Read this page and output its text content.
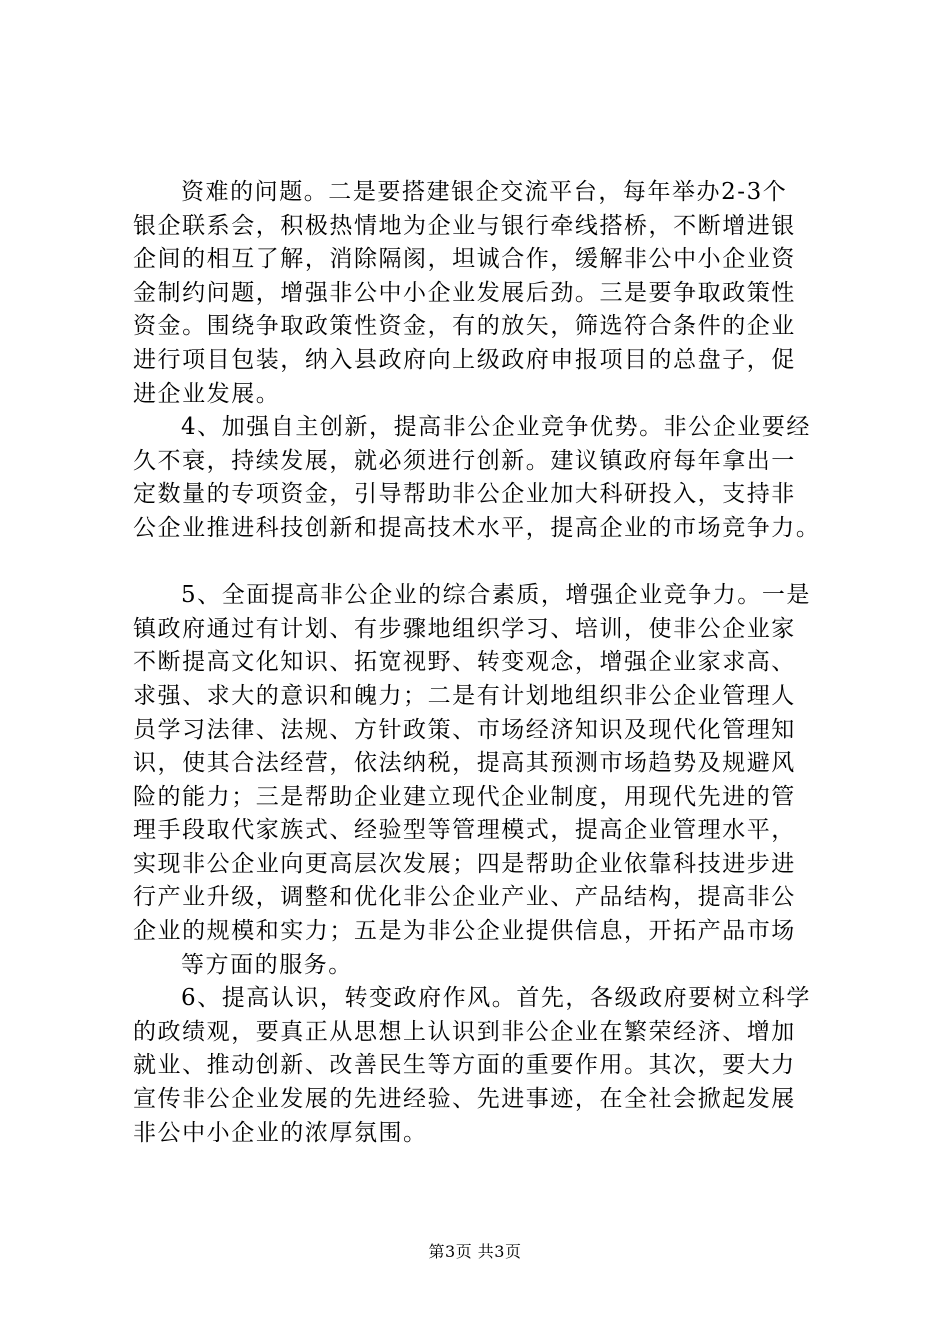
资难的问题。二是要搭建银企交流平台，每年举办2-3个
银企联系会，积极热情地为企业与银行牵线搭桥，不断增进银
企间的相互了解，消除隔阂，坦诚合作，缓解非公中小企业资
金制约问题，增强非公中小企业发展后劲。三是要争取政策性
资金。围绕争取政策性资金，有的放矢，筛选符合条件的企业
进行项目包装，纳入县政府向上级政府申报项目的总盘子，促
进企业发展。
4、加强自主创新，提高非公企业竞争优势。非公企业要经
久不衰，持续发展，就必须进行创新。建议镇政府每年拿出一
定数量的专项资金，引导帮助非公企业加大科研投入，支持非
公企业推进科技创新和提高技术水平，提高企业的市场竞争力。
5、全面提高非公企业的综合素质，增强企业竞争力。一是
镇政府通过有计划、有步骤地组织学习、培训，使非公企业家
不断提高文化知识、拓宽视野、转变观念，增强企业家求高、
求强、求大的意识和魄力；二是有计划地组织非公企业管理人
员学习法律、法规、方针政策、市场经济知识及现代化管理知
识，使其合法经营，依法纳税，提高其预测市场趋势及规避风
险的能力；三是帮助企业建立现代企业制度，用现代先进的管
理手段取代家族式、经验型等管理模式，提高企业管理水平，
实现非公企业向更高层次发展；四是帮助企业依靠科技进步进
行产业升级，调整和优化非公企业产业、产品结构，提高非公
企业的规模和实力；五是为非公企业提供信息，开拓产品市场
等方面的服务。
6、提高认识，转变政府作风。首先，各级政府要树立科学
的政绩观，要真正从思想上认识到非公企业在繁荣经济、增加
就业、推动创新、改善民生等方面的重要作用。其次，要大力
宣传非公企业发展的先进经验、先进事迹，在全社会掀起发展
非公中小企业的浓厚氛围。
第3页 共3页
